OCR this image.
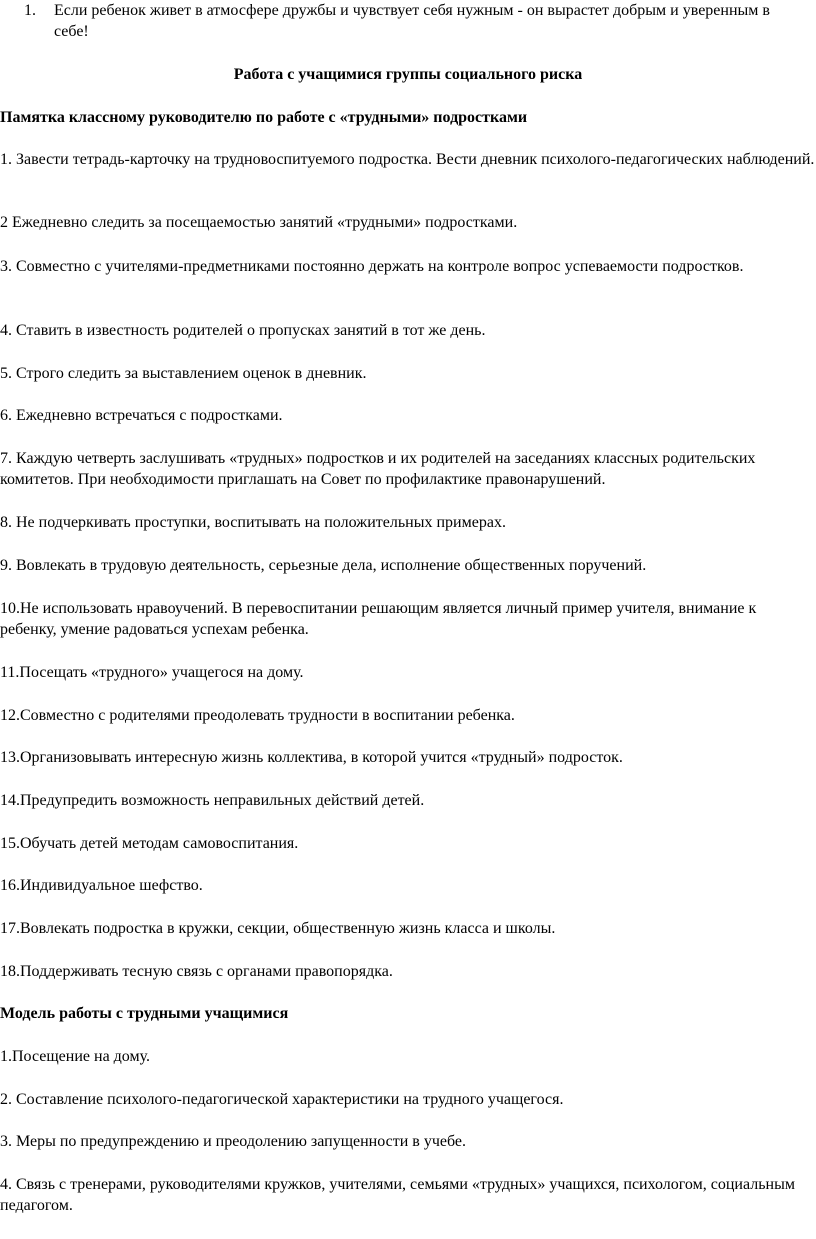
1.	Если ребенок живет в атмосфере дружбы и чувствует себя нужным - он вырастет добрым и уверенным в себе!
Работа с учащимися группы социального риска
Памятка классному руководителю по работе с «трудными» подростками

1. Завести тетрадь-карточку на трудновоспитуемого подростка. Вести дневник психолого-педагогических наблюдений.

2 Ежедневно следить за посещаемостью занятий «трудными» подростками.

3. Совместно с учителями-предметниками постоянно держать на контроле вопрос успеваемости подростков.

4. Ставить в известность родителей о пропусках занятий в тот же день.

5. Строго следить за выставлением оценок в дневник.

6. Ежедневно встречаться с подростками.

7. Каждую четверть заслушивать «трудных» подростков и их родителей на заседаниях классных родительских комитетов. При необходимости приглашать на Совет по профилактике правонарушений.

8. Не подчеркивать проступки, воспитывать на положительных примерах.

9. Вовлекать в трудовую деятельность, серьезные дела, исполнение общественных поручений.

10.Не использовать нравоучений. В перевоспитании решающим является личный пример учителя, внимание к ребенку, умение радоваться успехам ребенка.

11.Посещать «трудного» учащегося на дому.

12.Совместно с родителями преодолевать трудности в воспитании ребенка.

13.Организовывать интересную жизнь коллектива, в которой учится «трудный» подросток.

14.Предупредить возможность неправильных действий детей.

15.Обучать детей методам самовоспитания.

16.Индивидуальное шефство.

17.Вовлекать подростка в кружки, секции, общественную жизнь класса и школы.

18.Поддерживать тесную связь с органами правопорядка.

Модель работы с трудными учащимися

1.Посещение на дому.

2. Составление психолого-педагогической характеристики на трудного учащегося.

3. Меры по предупреждению и преодолению запущенности в учебе.

4. Связь с тренерами, руководителями кружков, учителями, семьями «трудных» учащихся, психологом, социальным педагогом.
